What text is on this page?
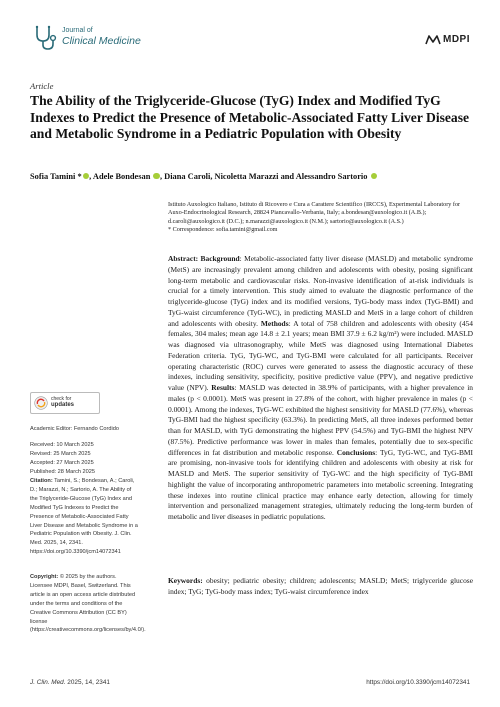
Journal of
Clinical Medicine	MDPI
Article
The Ability of the Triglyceride-Glucose (TyG) Index and Modified TyG Indexes to Predict the Presence of Metabolic-Associated Fatty Liver Disease and Metabolic Syndrome in a Pediatric Population with Obesity
Sofia Tamini * , Adele Bondesan , Diana Caroli, Nicoletta Marazzi and Alessandro Sartorio

Istituto Auxologico Italiano, Istituto di Ricovero e Cura a Carattere Scientifico (IRCCS), Experimental Laboratory for Auxo-Endocrinological Research, 28824 Piancavallo-Verbania, Italy; a.bondesan@auxologico.it (A.B.); d.caroli@auxologico.it (D.C.); n.marazzi@auxologico.it (N.M.); sartorio@auxologico.it (A.S.)

* Correspondence: sofia.tamini@gmail.com

Abstract: Background: Metabolic-associated fatty liver disease (MASLD) and metabolic syndrome (MetS) are increasingly prevalent among children and adolescents with obesity, posing significant long-term metabolic and cardiovascular risks. Non-invasive identification of at-risk individuals is crucial for a timely intervention. This study aimed to evaluate the diagnostic performance of the triglyceride-glucose (TyG) index and its modified versions, TyG-body mass index (TyG-BMI) and TyG-waist circumference (TyG-WC), in predicting MASLD and MetS in a large cohort of children and adolescents with obesity. Methods: A total of 758 children and adolescents with obesity (454 females, 304 males; mean age 14.8 ± 2.1 years; mean BMI 37.9 ± 6.2 kg/m²) were included. MASLD was diagnosed via ultrasonography, while MetS was diagnosed using International Diabetes Federation criteria. TyG, TyG-WC, and TyG-BMI were calculated for all participants. Receiver operating characteristic (ROC) curves were generated to assess the diagnostic accuracy of these indexes, including sensitivity, specificity, positive predictive value (PPV), and negative predictive value (NPV). Results: MASLD was detected in 38.9% of participants, with a higher prevalence in males (p < 0.0001). MetS was present in 27.8% of the cohort, with higher prevalence in males (p < 0.0001). Among the indexes, TyG-WC exhibited the highest sensitivity for MASLD (77.6%), whereas TyG-BMI had the highest specificity (63.3%). In predicting MetS, all three indexes performed better than for MASLD, with TyG demonstrating the highest PPV (54.5%) and TyG-BMI the highest NPV (87.5%). Predictive performance was lower in males than females, potentially due to sex-specific differences in fat distribution and metabolic response. Conclusions: TyG, TyG-WC, and TyG-BMI are promising, non-invasive tools for identifying children and adolescents with obesity at risk for MASLD and MetS. The superior sensitivity of TyG-WC and the high specificity of TyG-BMI highlight the value of incorporating anthropometric parameters into metabolic screening. Integrating these indexes into routine clinical practice may enhance early detection, allowing for timely intervention and personalized management strategies, ultimately reducing the long-term burden of metabolic and liver diseases in pediatric populations.
Keywords: obesity; pediatric obesity; children; adolescents; MASLD; MetS; triglyceride glucose index; TyG; TyG-body mass index; TyG-waist circumference index
check for
updates
Academic Editor: Fernando Cordido

Received: 10 March 2025

Revised: 25 March 2025

Accepted: 27 March 2025

Published: 28 March 2025

Citation: Tamini, S.; Bondesan, A.; Caroli, D.; Marazzi, N.; Sartorio, A. The Ability of the Triglyceride-Glucose (TyG) Index and Modified TyG Indexes to Predict the Presence of Metabolic-Associated Fatty Liver Disease and Metabolic Syndrome in a Pediatric Population with Obesity. J. Clin. Med. 2025, 14, 2341. https://doi.org/10.3390/jcm14072341
Copyright: © 2025 by the authors. Licensee MDPI, Basel, Switzerland. This article is an open access article distributed under the terms and conditions of the Creative Commons Attribution (CC BY) license (https://creativecommons.org/licenses/by/4.0/).
J. Clin. Med. 2025, 14, 2341	https://doi.org/10.3390/jcm14072341
